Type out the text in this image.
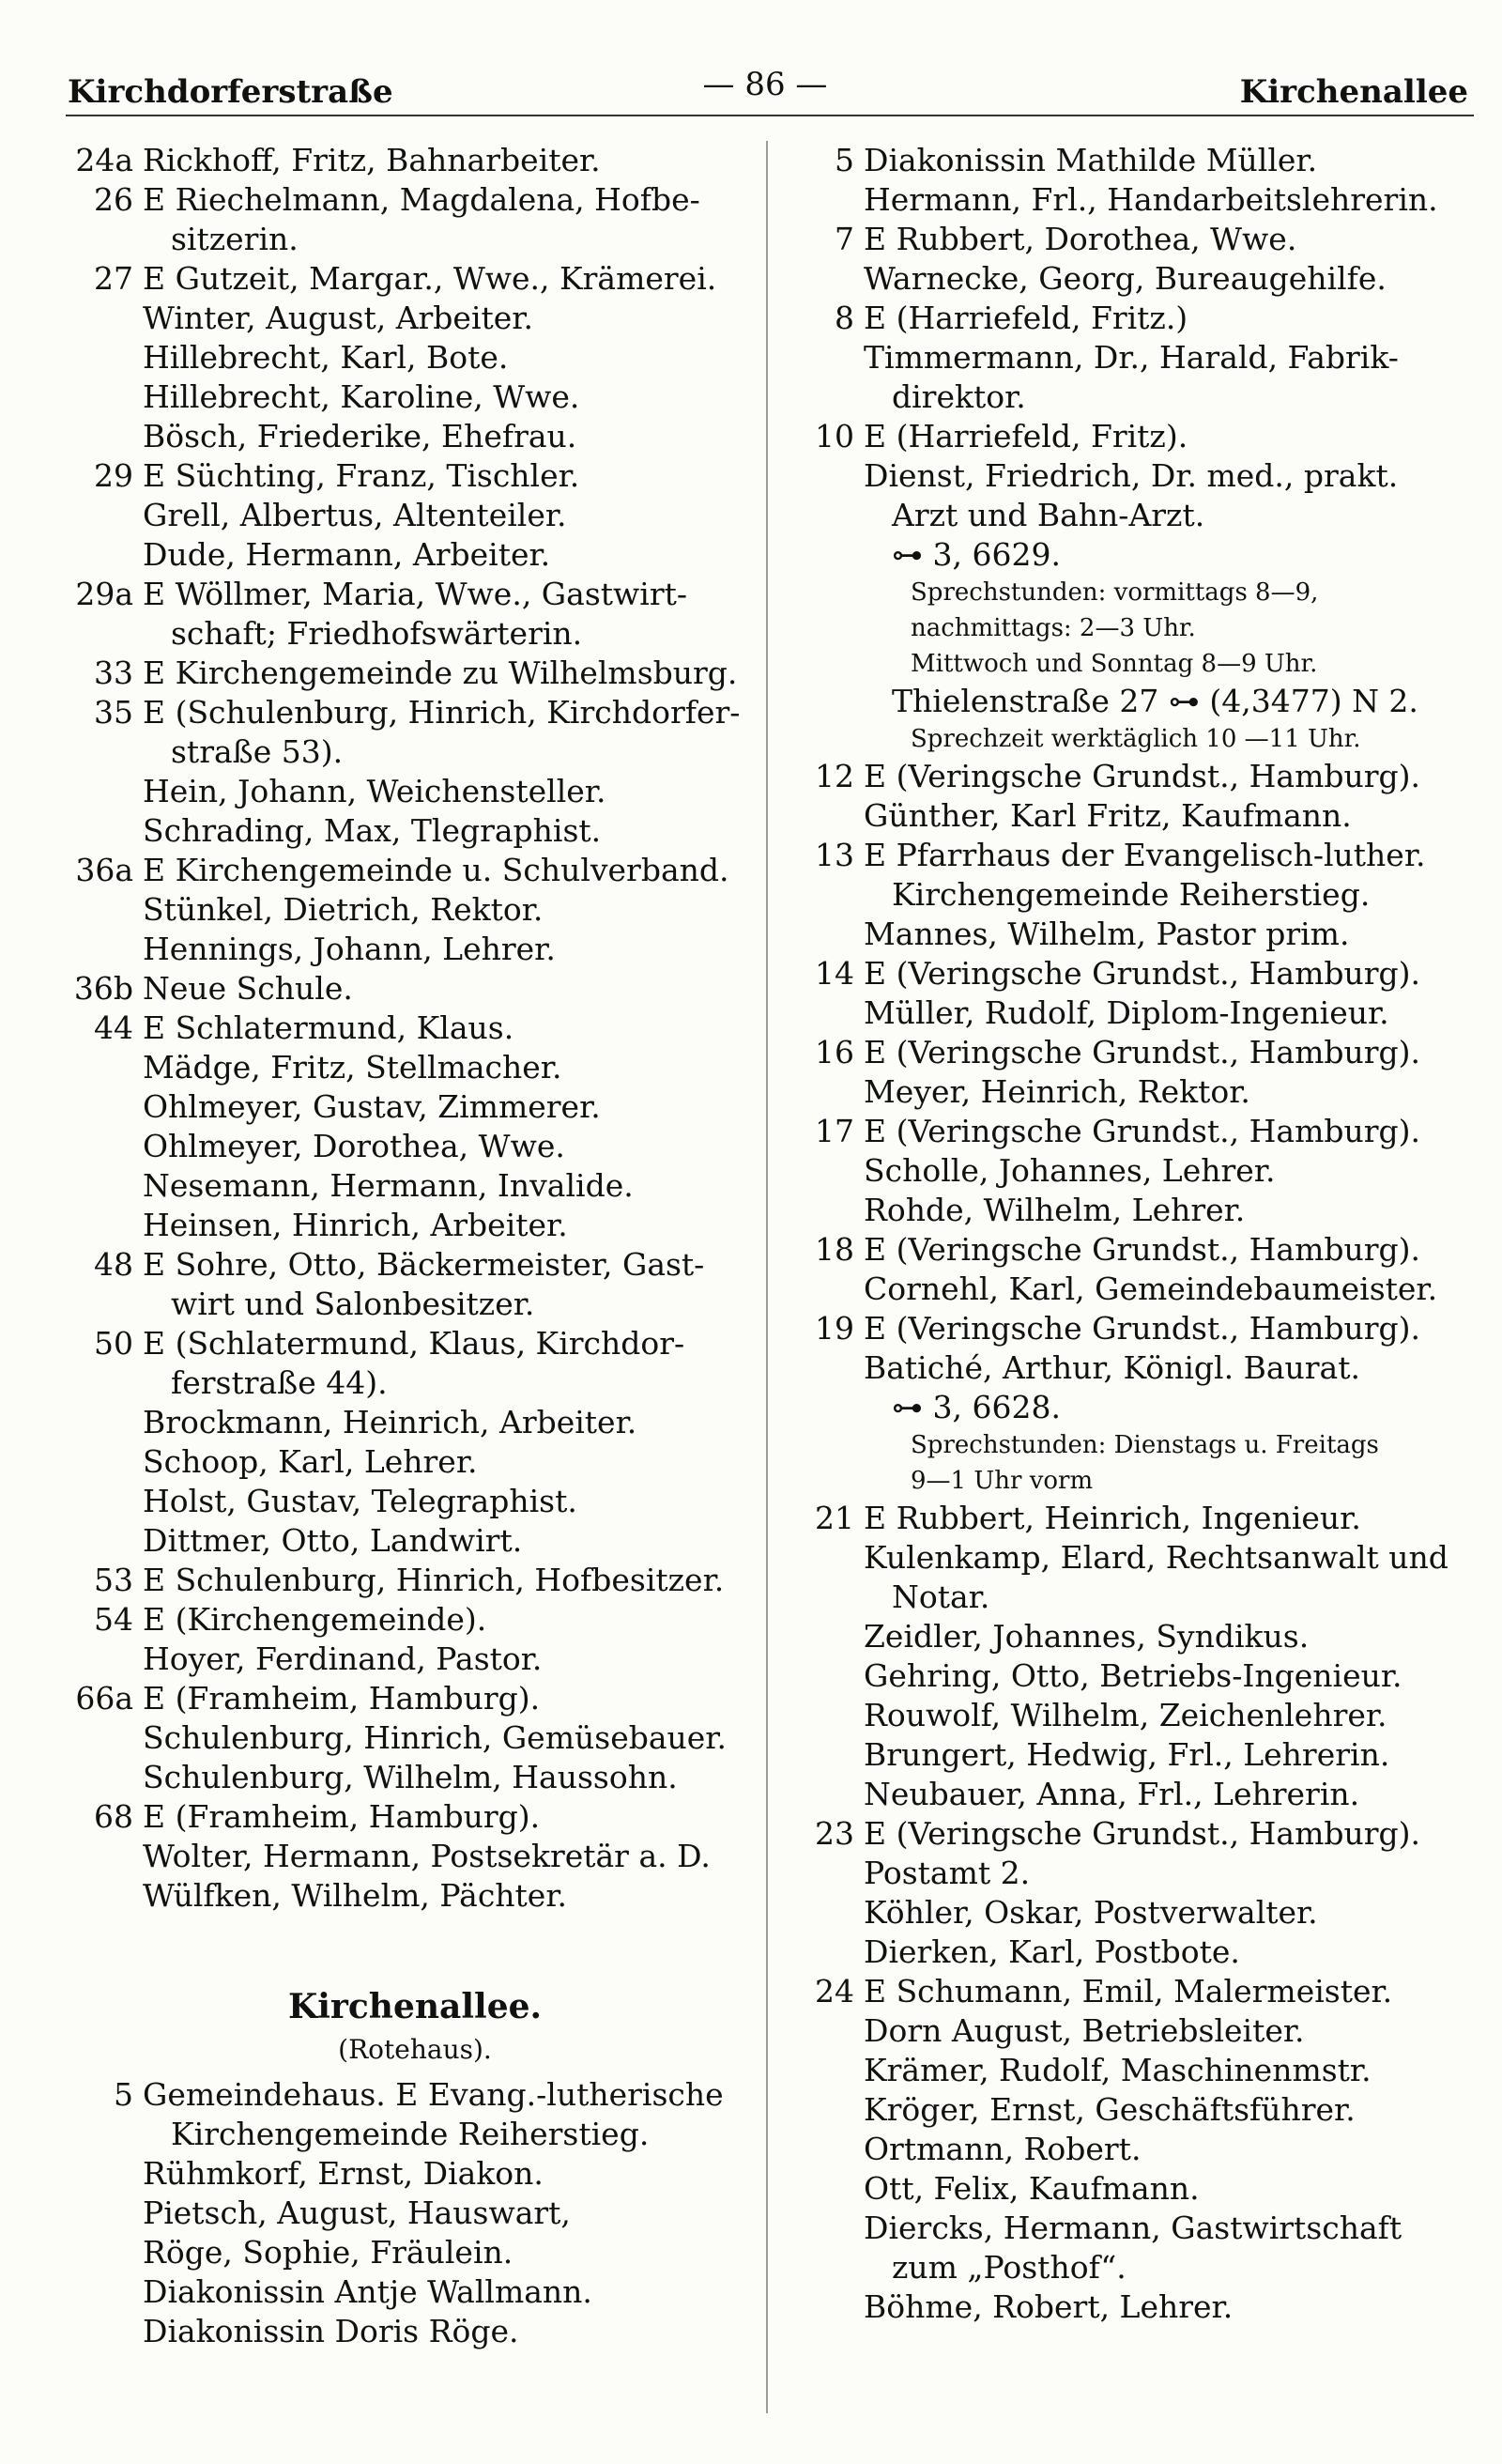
Kirchdorferstraße	— 86 —	Kirchenallee
24a Rickhoff, Fritz, Bahnarbeiter.
26 E Riechelmann, Magdalena, Hofbe-
sitzerin.
27 E Gutzeit, Margar., Wwe., Krämerei.
Winter, August, Arbeiter.
Hillebrecht, Karl, Bote.
Hillebrecht, Karoline, Wwe.
Bösch, Friederike, Ehefrau.
29 E Süchting, Franz, Tischler.
Grell, Albertus, Altenteiler.
Dude, Hermann, Arbeiter.
29a E Wöllmer, Maria, Wwe., Gastwirt-
schaft; Friedhofswärterin.
33 E Kirchengemeinde zu Wilhelmsburg.
35 E (Schulenburg, Hinrich, Kirchdorfer-
straße 53).
Hein, Johann, Weichensteller.
Schrading, Max, Tlegraphist.
36a E Kirchengemeinde u. Schulverband.
Stünkel, Dietrich, Rektor.
Hennings, Johann, Lehrer.
36b Neue Schule.
44 E Schlatermund, Klaus.
Mädge, Fritz, Stellmacher.
Ohlmeyer, Gustav, Zimmerer.
Ohlmeyer, Dorothea, Wwe.
Nesemann, Hermann, Invalide.
Heinsen, Hinrich, Arbeiter.
48 E Sohre, Otto, Bäckermeister, Gast-
wirt und Salonbesitzer.
50 E (Schlatermund, Klaus, Kirchdor-
ferstraße 44).
Brockmann, Heinrich, Arbeiter.
Schoop, Karl, Lehrer.
Holst, Gustav, Telegraphist.
Dittmer, Otto, Landwirt.
53 E Schulenburg, Hinrich, Hofbesitzer.
54 E (Kirchengemeinde).
Hoyer, Ferdinand, Pastor.
66a E (Framheim, Hamburg).
Schulenburg, Hinrich, Gemüsebauer.
Schulenburg, Wilhelm, Haussohn.
68 E (Framheim, Hamburg).
Wolter, Hermann, Postsekretär a. D.
Wülfken, Wilhelm, Pächter.
Kirchenallee.
(Rotehaus).
5 Gemeindehaus. E Evang.-lutherische
Kirchengemeinde Reiherstieg.
Rühmkorf, Ernst, Diakon.
Pietsch, August, Hauswart,
Röge, Sophie, Fräulein.
Diakonissin Antje Wallmann.
Diakonissin Doris Röge.
5 Diakonissin Mathilde Müller.
Hermann, Frl., Handarbeitslehrerin.
7 E Rubbert, Dorothea, Wwe.
Warnecke, Georg, Bureaugehilfe.
8 E (Harriefeld, Fritz.)
Timmermann, Dr., Harald, Fabrik-
direktor.
10 E (Harriefeld, Fritz).
Dienst, Friedrich, Dr. med., prakt.
Arzt und Bahn-Arzt.
⊶ 3, 6629.
Sprechstunden: vormittags 8—9,
nachmittags: 2—3 Uhr.
Mittwoch und Sonntag 8—9 Uhr.
Thielenstraße 27 ⊶ (4,3477) N 2.
Sprechzeit werktäglich 10 —11 Uhr.
12 E (Veringsche Grundst., Hamburg).
Günther, Karl Fritz, Kaufmann.
13 E Pfarrhaus der Evangelisch-luther.
Kirchengemeinde Reiherstieg.
Mannes, Wilhelm, Pastor prim.
14 E (Veringsche Grundst., Hamburg).
Müller, Rudolf, Diplom-Ingenieur.
16 E (Veringsche Grundst., Hamburg).
Meyer, Heinrich, Rektor.
17 E (Veringsche Grundst., Hamburg).
Scholle, Johannes, Lehrer.
Rohde, Wilhelm, Lehrer.
18 E (Veringsche Grundst., Hamburg).
Cornehl, Karl, Gemeindebaumeister.
19 E (Veringsche Grundst., Hamburg).
Batiché, Arthur, Königl. Baurat.
⊶ 3, 6628.
Sprechstunden: Dienstags u. Freitags
9—1 Uhr vorm
21 E Rubbert, Heinrich, Ingenieur.
Kulenkamp, Elard, Rechtsanwalt und
Notar.
Zeidler, Johannes, Syndikus.
Gehring, Otto, Betriebs-Ingenieur.
Rouwolf, Wilhelm, Zeichenlehrer.
Brungert, Hedwig, Frl., Lehrerin.
Neubauer, Anna, Frl., Lehrerin.
23 E (Veringsche Grundst., Hamburg).
Postamt 2.
Köhler, Oskar, Postverwalter.
Dierken, Karl, Postbote.
24 E Schumann, Emil, Malermeister.
Dorn August, Betriebsleiter.
Krämer, Rudolf, Maschinenmstr.
Kröger, Ernst, Geschäftsführer.
Ortmann, Robert.
Ott, Felix, Kaufmann.
Diercks, Hermann, Gastwirtschaft
zum „Posthof“.
Böhme, Robert, Lehrer.
